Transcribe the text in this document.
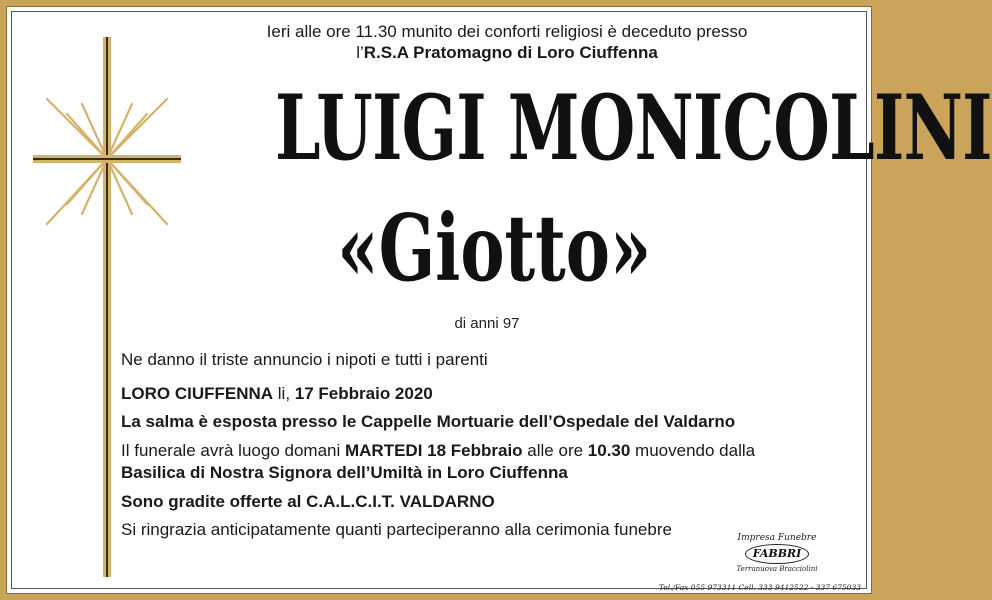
Ieri alle ore 11.30 munito dei conforti religiosi è deceduto presso
l’R.S.A Pratomagno di Loro Ciuffenna
LUIGI MONICOLINI
«Giotto»
di anni 97
Ne danno il triste annuncio i nipoti e tutti i parenti
LORO CIUFFENNA li, 17 Febbraio 2020
La salma è esposta presso le Cappelle Mortuarie dell’Ospedale del Valdarno
Il funerale avrà luogo domani MARTEDI 18 Febbraio alle ore 10.30 muovendo dalla
Basilica di Nostra Signora dell’Umiltà in Loro Ciuffenna
Sono gradite offerte al C.A.L.C.I.T. VALDARNO
Si ringrazia anticipatamente quanti parteciperanno alla cerimonia funebre	Impresa Funebre
FABBRI
Terranuova Bracciolini
Tel./Fax 055 973311 Cell. 333 9412522 - 337 675033
